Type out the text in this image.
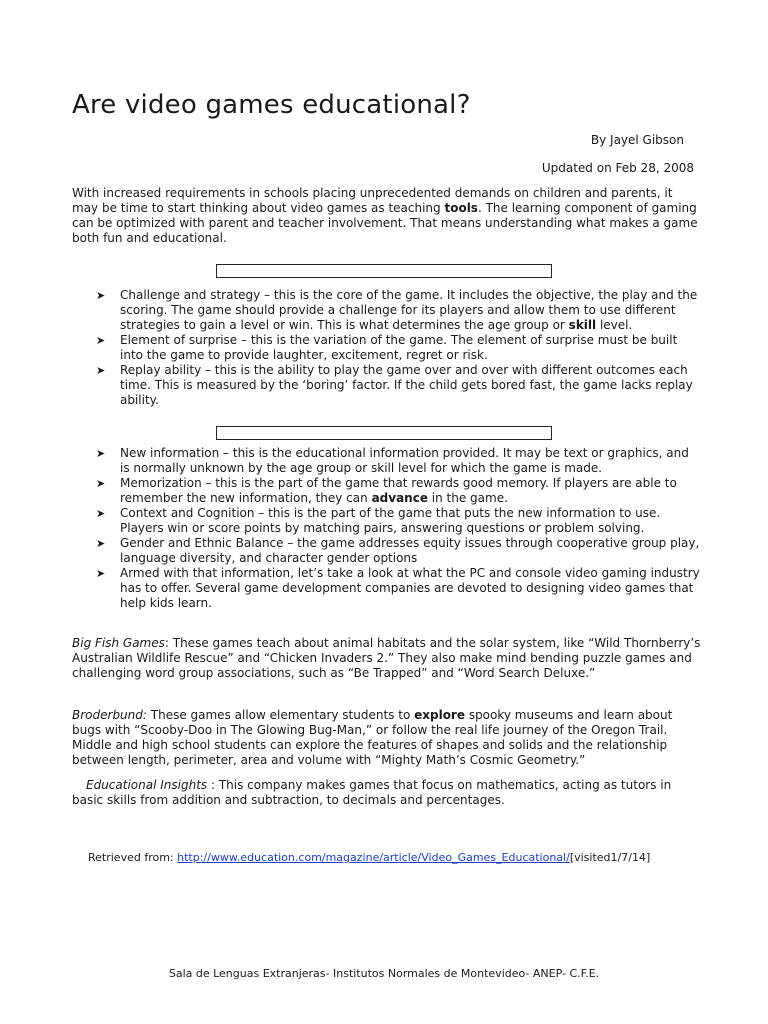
Are video games educational?
By Jayel Gibson
Updated on Feb 28, 2008

With increased requirements in schools placing unprecedented demands on children and parents, it may be time to start thinking about video games as teaching tools. The learning component of gaming can be optimized with parent and teacher involvement. That means understanding what makes a game both fun and educational.

➤ Challenge and strategy – this is the core of the game. It includes the objective, the play and the scoring. The game should provide a challenge for its players and allow them to use different strategies to gain a level or win. This is what determines the age group or skill level.
➤ Element of surprise – this is the variation of the game. The element of surprise must be built into the game to provide laughter, excitement, regret or risk.
➤ Replay ability – this is the ability to play the game over and over with different outcomes each time. This is measured by the ‘boring’ factor. If the child gets bored fast, the game lacks replay ability.
➤ New information – this is the educational information provided. It may be text or graphics, and is normally unknown by the age group or skill level for which the game is made.
➤ Memorization – this is the part of the game that rewards good memory. If players are able to remember the new information, they can advance in the game.
➤ Context and Cognition – this is the part of the game that puts the new information to use. Players win or score points by matching pairs, answering questions or problem solving.
➤ Gender and Ethnic Balance – the game addresses equity issues through cooperative group play, language diversity, and character gender options
➤ Armed with that information, let’s take a look at what the PC and console video gaming industry has to offer. Several game development companies are devoted to designing video games that help kids learn.

Big Fish Games: These games teach about animal habitats and the solar system, like “Wild Thornberry’s Australian Wildlife Rescue” and “Chicken Invaders 2.” They also make mind bending puzzle games and challenging word group associations, such as “Be Trapped” and “Word Search Deluxe.”

Broderbund: These games allow elementary students to explore spooky museums and learn about bugs with “Scooby-Doo in The Glowing Bug-Man,” or follow the real life journey of the Oregon Trail. Middle and high school students can explore the features of shapes and solids and the relationship between length, perimeter, area and volume with “Mighty Math’s Cosmic Geometry.”

Educational Insights : This company makes games that focus on mathematics, acting as tutors in basic skills from addition and subtraction, to decimals and percentages.

Retrieved from: http://www.education.com/magazine/article/Video_Games_Educational/[visited1/7/14]
Sala de Lenguas Extranjeras- Institutos Normales de Montevideo- ANEP- C.F.E.
